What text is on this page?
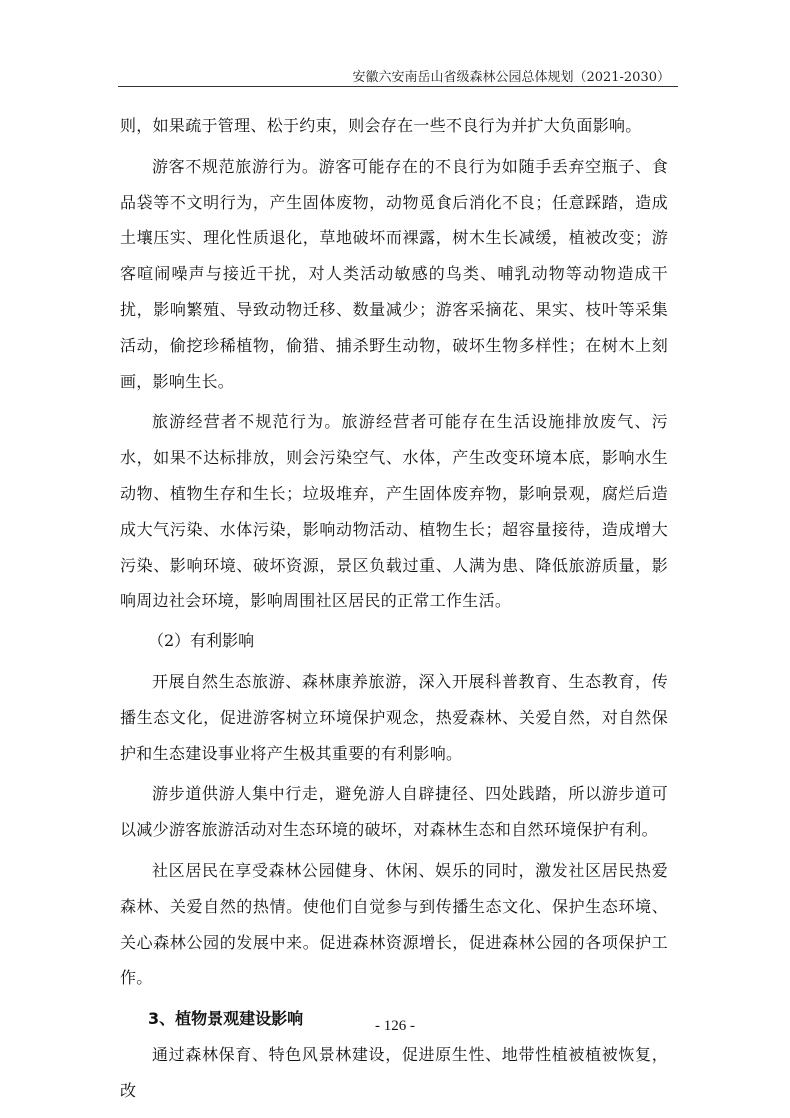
安徽六安南岳山省级森林公园总体规划（2021-2030）

则，如果疏于管理、松于约束，则会存在一些不良行为并扩大负面影响。

游客不规范旅游行为。游客可能存在的不良行为如随手丢弃空瓶子、食品袋等不文明行为，产生固体废物，动物觅食后消化不良；任意踩踏，造成土壤压实、理化性质退化，草地破坏而裸露，树木生长减缓，植被改变；游客喧闹噪声与接近干扰，对人类活动敏感的鸟类、哺乳动物等动物造成干扰，影响繁殖、导致动物迁移、数量减少；游客采摘花、果实、枝叶等采集活动，偷挖珍稀植物，偷猎、捕杀野生动物，破坏生物多样性；在树木上刻画，影响生长。

旅游经营者不规范行为。旅游经营者可能存在生活设施排放废气、污水，如果不达标排放，则会污染空气、水体，产生改变环境本底，影响水生动物、植物生存和生长；垃圾堆弃，产生固体废弃物，影响景观，腐烂后造成大气污染、水体污染，影响动物活动、植物生长；超容量接待，造成增大污染、影响环境、破坏资源，景区负载过重、人满为患、降低旅游质量，影响周边社会环境，影响周围社区居民的正常工作生活。

（2）有利影响

开展自然生态旅游、森林康养旅游，深入开展科普教育、生态教育，传播生态文化，促进游客树立环境保护观念，热爱森林、关爱自然，对自然保护和生态建设事业将产生极其重要的有利影响。

游步道供游人集中行走，避免游人自辟捷径、四处践踏，所以游步道可以减少游客旅游活动对生态环境的破坏，对森林生态和自然环境保护有利。

社区居民在享受森林公园健身、休闲、娱乐的同时，激发社区居民热爱森林、关爱自然的热情。使他们自觉参与到传播生态文化、保护生态环境、关心森林公园的发展中来。促进森林资源增长，促进森林公园的各项保护工作。

3、植物景观建设影响

通过森林保育、特色风景林建设，促进原生性、地带性植被植被恢复，改

- 126 -
